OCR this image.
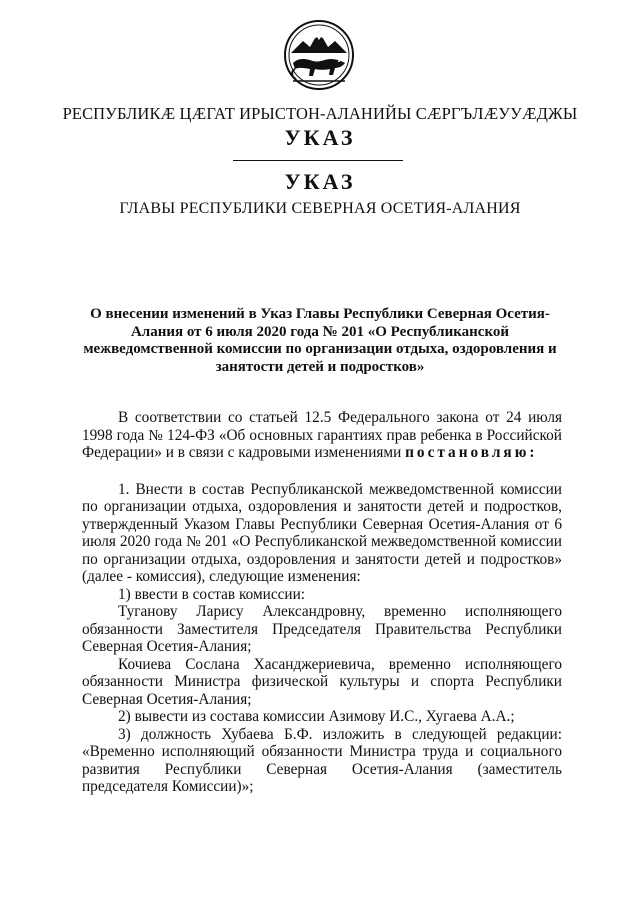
РЕСПУБЛИКӔ ЦӔГАТ ИРЫСТОН-АЛАНИЙЫ СӔРГЪЛӔУУӔДЖЫ
УКАЗ
УКАЗ
ГЛАВЫ РЕСПУБЛИКИ СЕВЕРНАЯ ОСЕТИЯ-АЛАНИЯ
О внесении изменений в Указ Главы Республики Северная Осетия-
Алания от 6 июля 2020 года № 201 «О Республиканской
межведомственной комиссии по организации отдыха, оздоровления и
занятости детей и подростков»

В соответствии со статьей 12.5 Федерального закона от 24 июля 1998 года № 124-ФЗ «Об основных гарантиях прав ребенка в Российской Федерации» и в связи с кадровыми изменениями постановляю:

1. Внести в состав Республиканской межведомственной комиссии по организации отдыха, оздоровления и занятости детей и подростков, утвержденный Указом Главы Республики Северная Осетия-Алания от 6 июля 2020 года № 201 «О Республиканской межведомственной комиссии по организации отдыха, оздоровления и занятости детей и подростков» (далее - комиссия), следующие изменения:

1) ввести в состав комиссии:

Туганову Ларису Александровну, временно исполняющего обязанности Заместителя Председателя Правительства Республики Северная Осетия-Алания;

Кочиева Сослана Хасанджериевича, временно исполняющего обязанности Министра физической культуры и спорта Республики Северная Осетия-Алания;

2) вывести из состава комиссии Азимову И.С., Хугаева А.А.;

3) должность Хубаева Б.Ф. изложить в следующей редакции: «Временно исполняющий обязанности Министра труда и социального развития Республики Северная Осетия-Алания (заместитель председателя Комиссии)»;
